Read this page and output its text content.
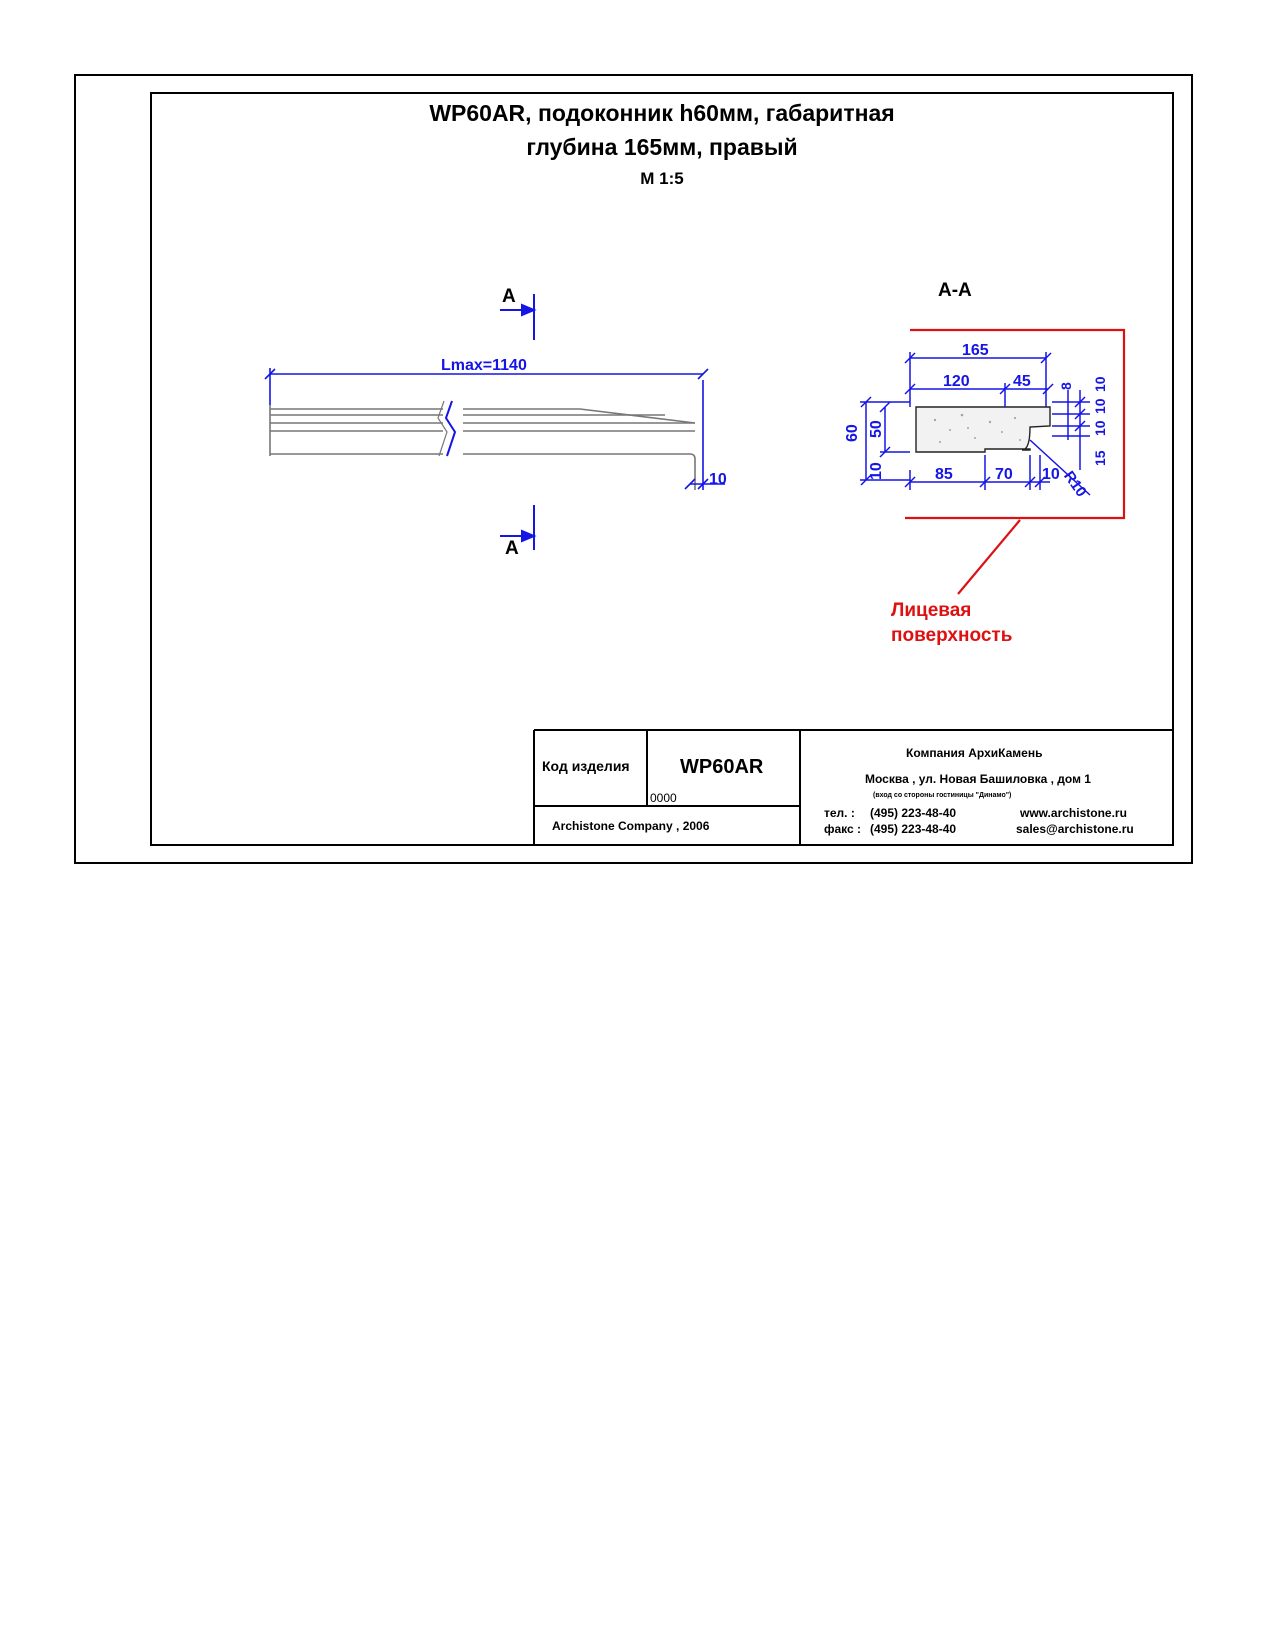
WP60AR, подоконник h60мм, габаритная
глубина 165мм, правый
M 1:5
A
A
Lmax=1140
10
A-A
165
120	45 8 10
10
10
60 50
10	85	70 10
15
R10
Лицевая
поверхность
Код изделия	WP60AR
0000
Archistone Company , 2006
Компания АрхиКамень
Москва , ул. Новая Башиловка , дом 1
(вход со стороны гостиницы "Динамо")
тел. : (495) 223-48-40
факс : (495) 223-48-40
www.archistone.ru
sales@archistone.ru
